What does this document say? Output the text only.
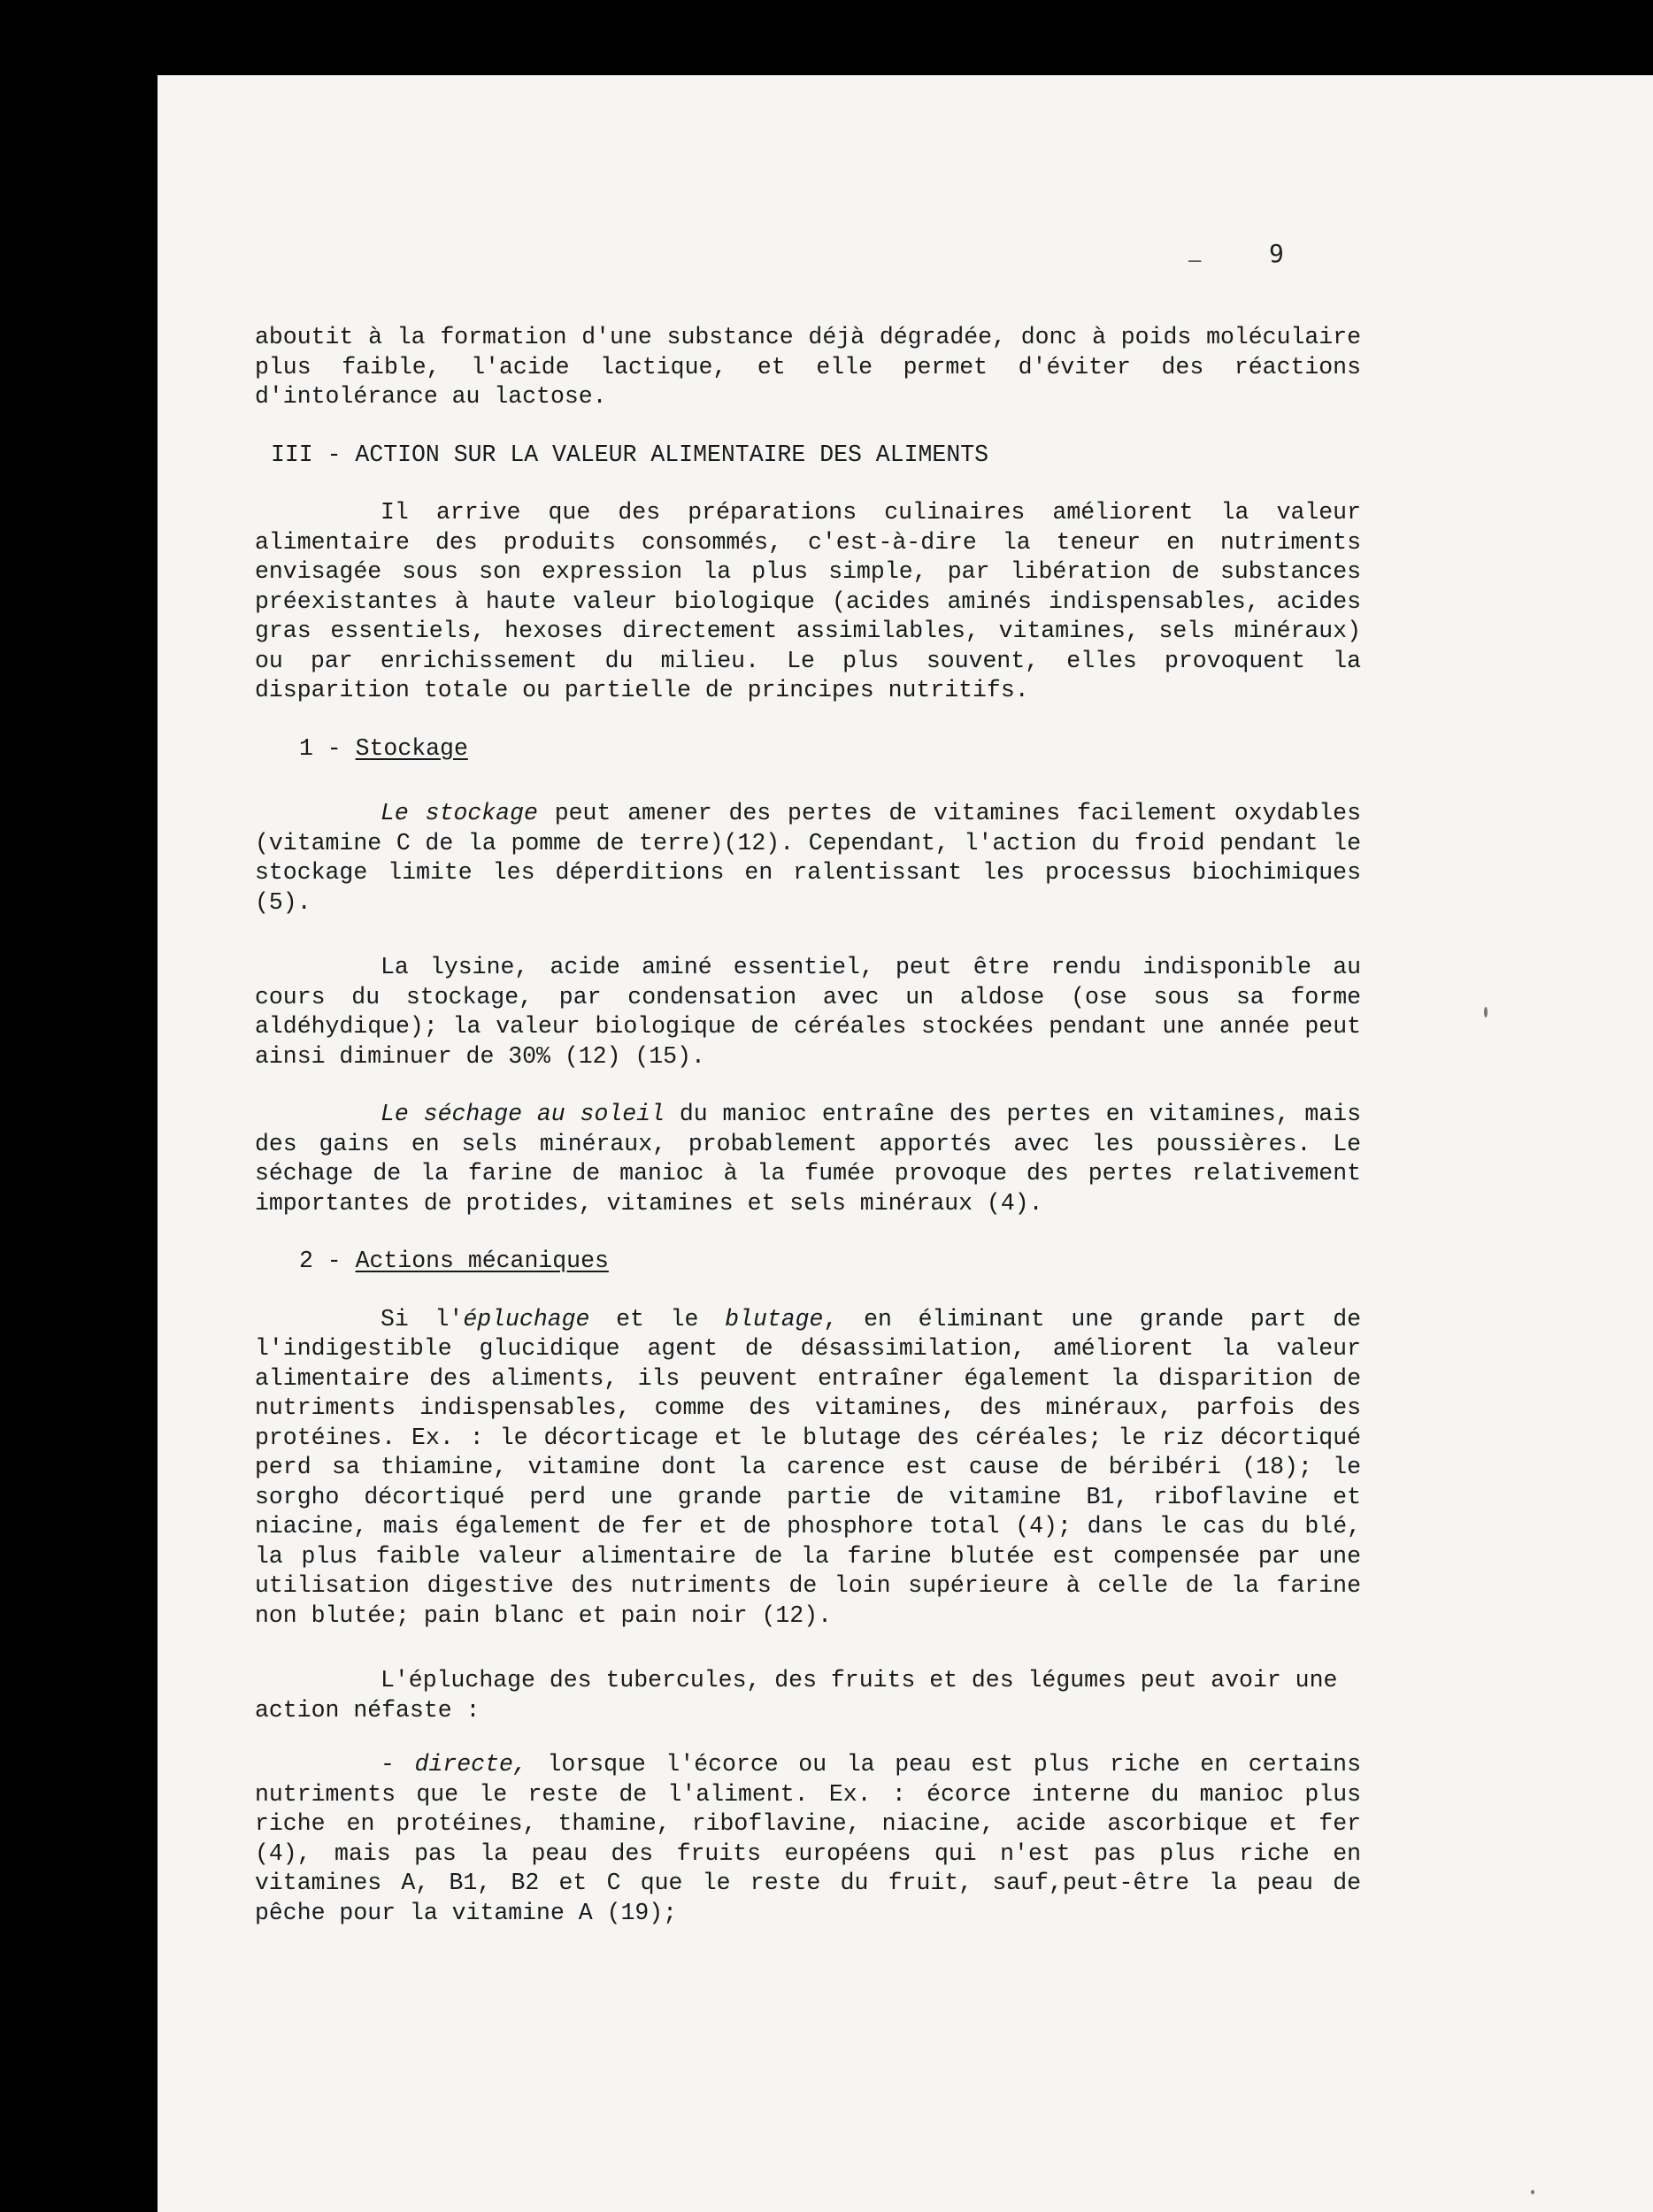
–	9

aboutit à la formation d'une substance déjà dégradée, donc à poids moléculaire plus faible, l'acide lactique, et elle permet d'éviter des réactions d'intolérance au lactose.

III - ACTION SUR LA VALEUR ALIMENTAIRE DES ALIMENTS

Il arrive que des préparations culinaires améliorent la valeur alimentaire des produits consommés, c'est-à-dire la teneur en nutriments envisagée sous son expression la plus simple, par libération de substances préexistantes à haute valeur biologique (acides aminés indispensables, acides gras essentiels, hexoses directement assimilables, vitamines, sels minéraux) ou par enrichissement du milieu. Le plus souvent, elles provoquent la disparition totale ou partielle de principes nutritifs.

1 - Stockage

Le stockage peut amener des pertes de vitamines facilement oxydables (vitamine C de la pomme de terre)(12). Cependant, l'action du froid pendant le stockage limite les déperditions en ralentissant les processus biochimiques (5).

La lysine, acide aminé essentiel, peut être rendu indisponible au cours du stockage, par condensation avec un aldose (ose sous sa forme aldéhydique); la valeur biologique de céréales stockées pendant une année peut ainsi diminuer de 30% (12) (15).

Le séchage au soleil du manioc entraîne des pertes en vitamines, mais des gains en sels minéraux, probablement apportés avec les poussières. Le séchage de la farine de manioc à la fumée provoque des pertes relativement importantes de protides, vitamines et sels minéraux (4).

2 - Actions mécaniques

Si l'épluchage et le blutage, en éliminant une grande part de l'indigestible glucidique agent de désassimilation, améliorent la valeur alimentaire des aliments, ils peuvent entraîner également la disparition de nutriments indispensables, comme des vitamines, des minéraux, parfois des protéines. Ex. : le décorticage et le blutage des céréales; le riz décortiqué perd sa thiamine, vitamine dont la carence est cause de béribéri (18); le sorgho décortiqué perd une grande partie de vitamine B1, riboflavine et niacine, mais également de fer et de phosphore total (4); dans le cas du blé, la plus faible valeur alimentaire de la farine blutée est compensée par une utilisation digestive des nutriments de loin supérieure à celle de la farine non blutée; pain blanc et pain noir (12).

L'épluchage des tubercules, des fruits et des légumes peut avoir une action néfaste :

- directe, lorsque l'écorce ou la peau est plus riche en certains nutriments que le reste de l'aliment. Ex. : écorce interne du manioc plus riche en protéines, thamine, riboflavine, niacine, acide ascorbique et fer (4), mais pas la peau des fruits européens qui n'est pas plus riche en vitamines A, B1, B2 et C que le reste du fruit, sauf,peut-être la peau de pêche pour la vitamine A (19);
